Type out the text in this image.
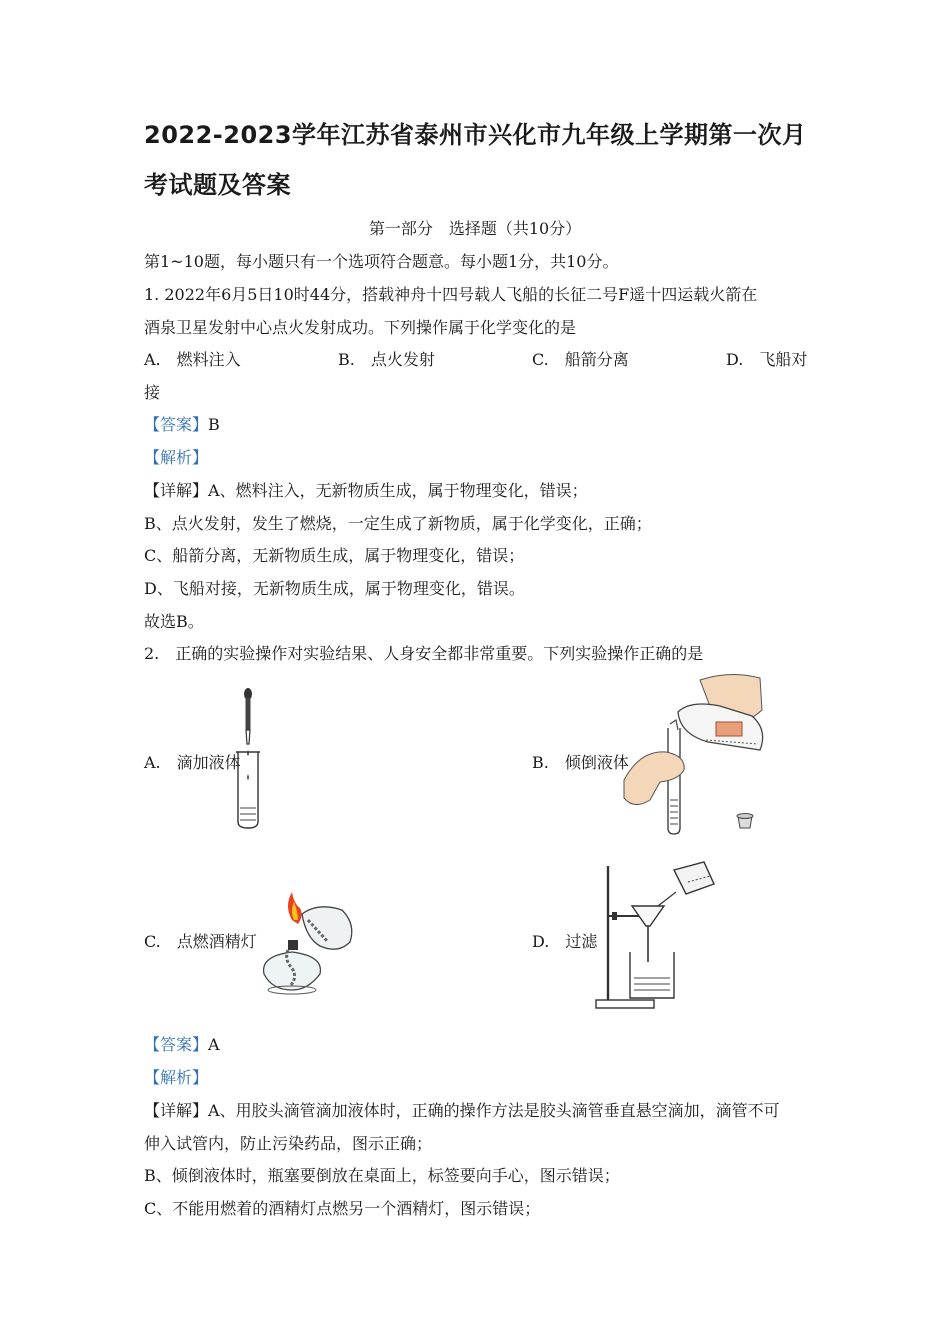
2022-2023学年江苏省泰州市兴化市九年级上学期第一次月考试题及答案
第一部分　选择题（共10分）
第1~10题，每小题只有一个选项符合题意。每小题1分，共10分。
1. 2022年6月5日10时44分，搭载神舟十四号载人飞船的长征二号F遥十四运载火箭在
酒泉卫星发射中心点火发射成功。下列操作属于化学变化的是
A.　燃料注入	B.　点火发射	C.　船箭分离	D.　飞船对
接
【答案】B
【解析】
【详解】A、燃料注入，无新物质生成，属于物理变化，错误；
B、点火发射，发生了燃烧，一定生成了新物质，属于化学变化，正确；
C、船箭分离，无新物质生成，属于物理变化，错误；
D、飞船对接，无新物质生成，属于物理变化，错误。
故选B。
2.　正确的实验操作对实验结果、人身安全都非常重要。下列实验操作正确的是
A.　滴加液体	B.　倾倒液体
C.　点燃酒精灯	D.　过滤
【答案】A
【解析】
【详解】A、用胶头滴管滴加液体时，正确的操作方法是胶头滴管垂直悬空滴加，滴管不可
伸入试管内，防止污染药品，图示正确；
B、倾倒液体时，瓶塞要倒放在桌面上，标签要向手心，图示错误；
C、不能用燃着的酒精灯点燃另一个酒精灯，图示错误；
